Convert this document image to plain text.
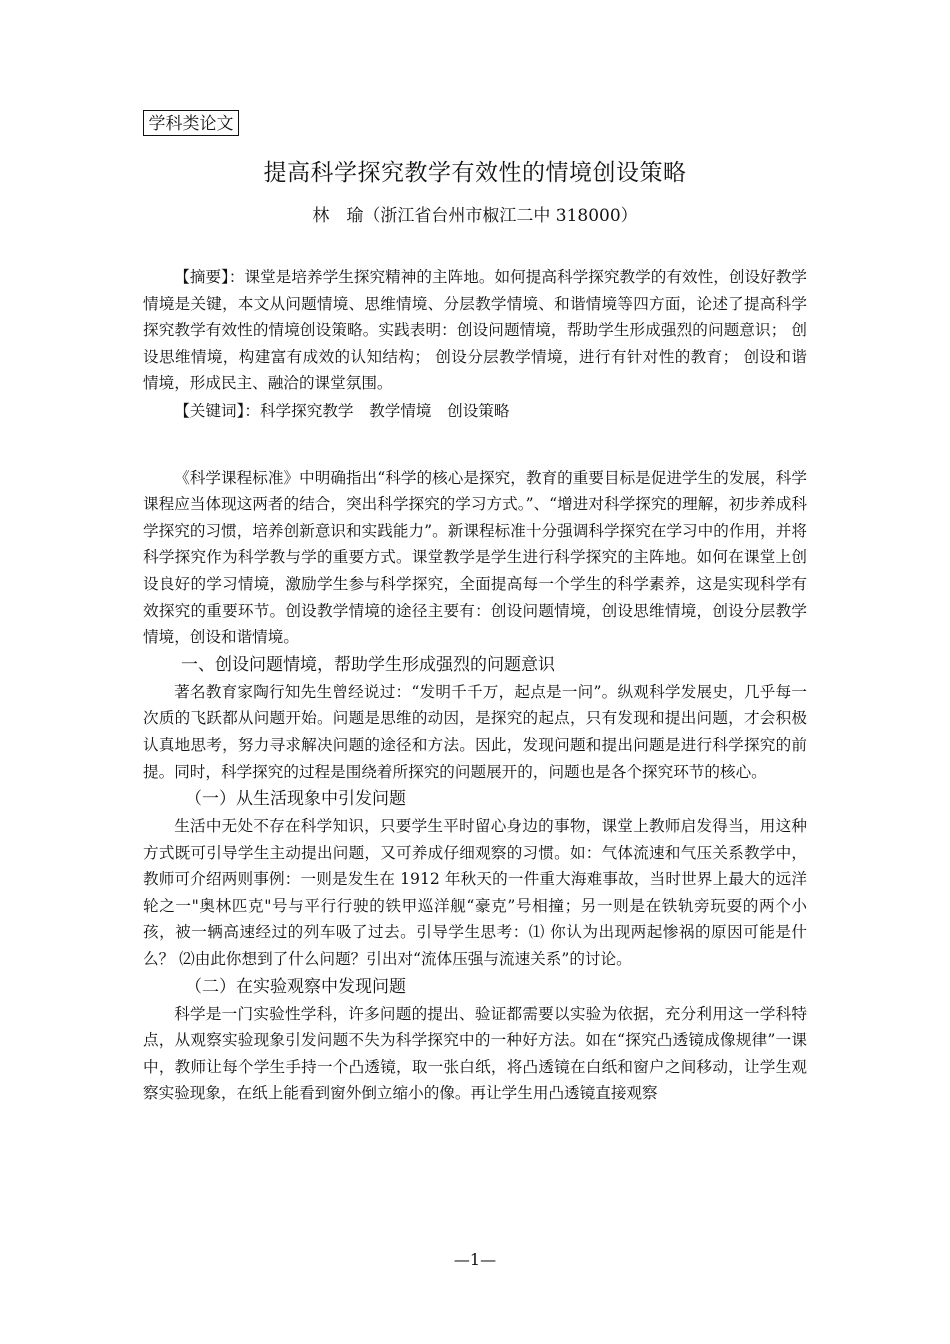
学科类论文
提高科学探究教学有效性的情境创设策略
林　瑜（浙江省台州市椒江二中 318000）

【摘要】：课堂是培养学生探究精神的主阵地。如何提高科学探究教学的有效性，创设好教学情境是关键，本文从问题情境、思维情境、分层教学情境、和谐情境等四方面，论述了提高科学探究教学有效性的情境创设策略。实践表明：创设问题情境，帮助学生形成强烈的问题意识； 创设思维情境，构建富有成效的认知结构； 创设分层教学情境，进行有针对性的教育； 创设和谐情境，形成民主、融洽的课堂氛围。

【关键词】：科学探究教学 教学情境 创设策略

《科学课程标准》中明确指出“科学的核心是探究，教育的重要目标是促进学生的发展，科学课程应当体现这两者的结合，突出科学探究的学习方式。”、“增进对科学探究的理解，初步养成科学探究的习惯，培养创新意识和实践能力”。新课程标准十分强调科学探究在学习中的作用，并将科学探究作为科学教与学的重要方式。课堂教学是学生进行科学探究的主阵地。如何在课堂上创设良好的学习情境，激励学生参与科学探究，全面提高每一个学生的科学素养，这是实现科学有效探究的重要环节。创设教学情境的途径主要有：创设问题情境，创设思维情境，创设分层教学情境，创设和谐情境。

一、创设问题情境，帮助学生形成强烈的问题意识

著名教育家陶行知先生曾经说过：“发明千千万，起点是一问”。纵观科学发展史，几乎每一次质的飞跃都从问题开始。问题是思维的动因，是探究的起点，只有发现和提出问题，才会积极认真地思考，努力寻求解决问题的途径和方法。因此，发现问题和提出问题是进行科学探究的前提。同时，科学探究的过程是围绕着所探究的问题展开的，问题也是各个探究环节的核心。

（一）从生活现象中引发问题

生活中无处不存在科学知识，只要学生平时留心身边的事物，课堂上教师启发得当，用这种方式既可引导学生主动提出问题，又可养成仔细观察的习惯。如：气体流速和气压关系教学中，教师可介绍两则事例：一则是发生在 1912 年秋天的一件重大海难事故，当时世界上最大的远洋轮之一"奥林匹克"号与平行行驶的铁甲巡洋舰“豪克”号相撞；另一则是在铁轨旁玩耍的两个小孩，被一辆高速经过的列车吸了过去。引导学生思考：⑴ 你认为出现两起惨祸的原因可能是什么？ ⑵由此你想到了什么问题？引出对“流体压强与流速关系”的讨论。

（二）在实验观察中发现问题

科学是一门实验性学科，许多问题的提出、验证都需要以实验为依据，充分利用这一学科特点，从观察实验现象引发问题不失为科学探究中的一种好方法。如在“探究凸透镜成像规律”一课中，教师让每个学生手持一个凸透镜，取一张白纸，将凸透镜在白纸和窗户之间移动，让学生观察实验现象，在纸上能看到窗外倒立缩小的像。再让学生用凸透镜直接观察

—1—
